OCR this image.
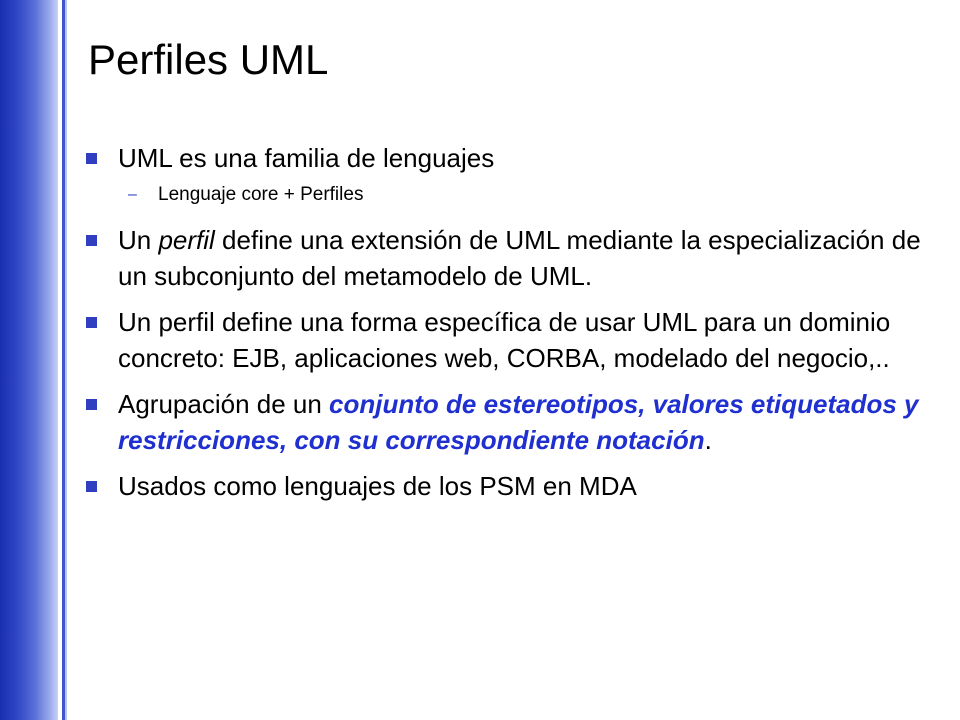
Perfiles UML
UML es una familia de lenguajes
– Lenguaje core + Perfiles
Un perfil define una extensión de UML mediante la especialización de un subconjunto del metamodelo de UML.
Un perfil define una forma específica de usar UML para un dominio concreto: EJB, aplicaciones web, CORBA, modelado del negocio,..
Agrupación de un conjunto de estereotipos, valores etiquetados y restricciones, con su correspondiente notación.
Usados como lenguajes de los PSM en MDA
